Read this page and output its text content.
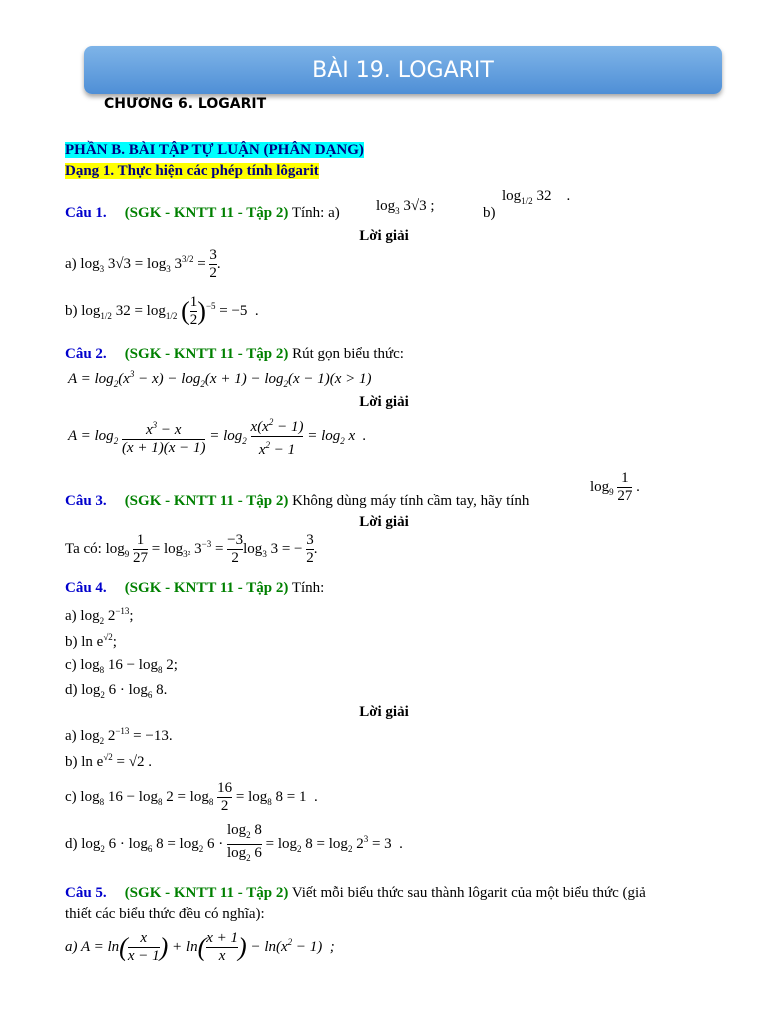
BÀI 19. LOGARIT
CHƯƠNG 6. LOGARIT
PHẦN B. BÀI TẬP TỰ LUẬN (PHÂN DẠNG)
Dạng 1. Thực hiện các phép tính lôgarit
Câu 1. (SGK - KNTT 11 - Tập 2) Tính: a) $\log_3 3√3$ ;	b)
$\log_{1/2} 32$    .
Lời giải
a) $\log_3 3√3 = \log_3 3^{3/2} = \frac{3}{2}$ .
b) $\log_{1/2} 32 = \log_{1/2}$ ( $\frac{1}{2} )^{-5} = -5$  .
Câu 2. (SGK - KNTT 11 - Tập 2) Rút gọn biểu thức:
$A = \log_2(x^3 - x) - \log_2(x + 1) - \log_2(x - 1)(x > 1)$
Lời giải
$A = \log_2 \frac{x^3 - x}{(x + 1)(x - 1)} = \log_2 \frac{x(x^2 - 1)}{x^2 - 1} = \log_2 x$  .
Câu 3. (SGK - KNTT 11 - Tập 2) Không dùng máy tính cầm tay, hãy tính
$\log_9 \frac{1}{27}$ .
Lời giải
Ta có: $\log_9 \frac{1}{27} = \log_{3^2} 3^{-3} = \frac{-3}{2} \log_3 3$ = − $\frac{3}{2}$ .
Câu 4. (SGK - KNTT 11 - Tập 2) Tính:
a) $\log_2 2^{-13}$;
b) $\ln e^{√2}$;
c) $\log_8 16 - \log_8 2$;
d) $\log_2 6 \cdot \log_6 8$.
Lời giải
a) $\log_2 2^{-13} = -13$.
b) $\ln e^{√2} = √2$ .
c) $\log_8 16 - \log_8 2 = \log_8 \frac{16}{2} = \log_8 8 = 1$  .
d) $\log_2 6 \cdot \log_6 8 = \log_2 6 \cdot \frac{\log_2 8}{\log_2 6} = \log_2 8 = \log_2 2^3 = 3$  .
Câu 5. (SGK - KNTT 11 - Tập 2) Viết mỗi biểu thức sau thành lôgarit của một biểu thức (giả
thiết các biểu thức đều có nghĩa):
a) $A = \ln( \frac{x}{x - 1}$ ) + $\ln( \frac{x + 1}{x}$ ) − $\ln(x^2 - 1)$  ;
